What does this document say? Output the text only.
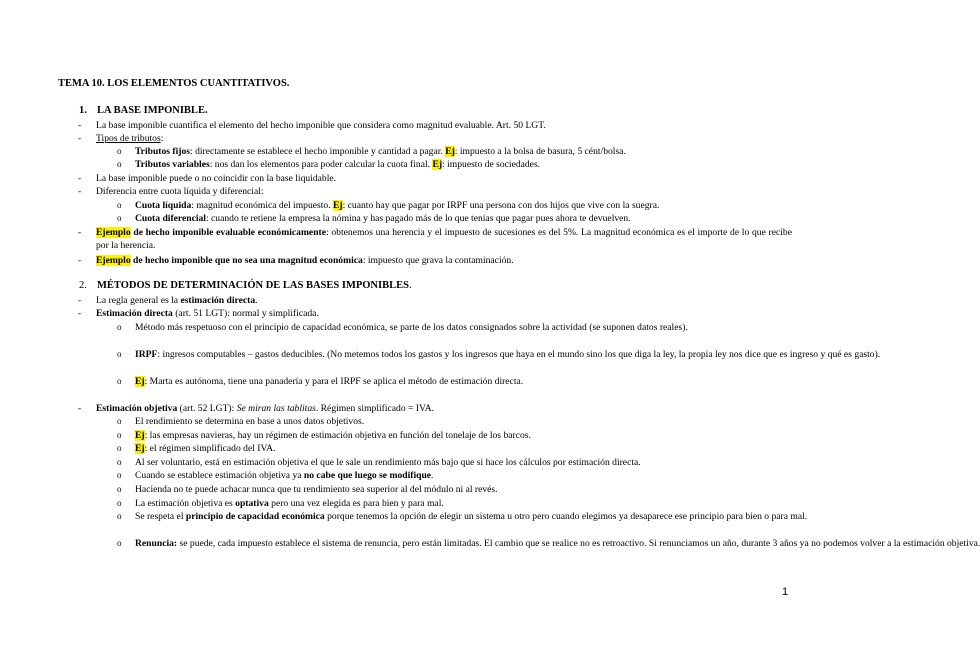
TEMA 10. LOS ELEMENTOS CUANTITATIVOS.
1. LA BASE IMPONIBLE.
- La base imponible cuantifica el elemento del hecho imponible que considera como magnitud evaluable. Art. 50 LGT.
- Tipos de tributos:
o Tributos fijos: directamente se establece el hecho imponible y cantidad a pagar. Ej: impuesto a la bolsa de basura, 5 cént/bolsa.
o Tributos variables: nos dan los elementos para poder calcular la cuota final. Ej: impuesto de sociedades.
- La base imponible puede o no coincidir con la base liquidable.
- Diferencia entre cuota líquida y diferencial:
o Cuota líquida: magnitud económica del impuesto. Ej: cuanto hay que pagar por IRPF una persona con dos hijos que vive con la suegra.
o Cuota diferencial: cuando te retiene la empresa la nómina y has pagado más de lo que tenías que pagar pues ahora te devuelven.
- Ejemplo de hecho imponible evaluable económicamente: obtenemos una herencia y el impuesto de sucesiones es del 5%. La magnitud económica es el importe de lo que recibe por la herencia.
- Ejemplo de hecho imponible que no sea una magnitud económica: impuesto que grava la contaminación.
2. MÉTODOS DE DETERMINACIÓN DE LAS BASES IMPONIBLES.
- La regla general es la estimación directa.
- Estimación directa (art. 51 LGT): normal y simplificada.
o Método más respetuoso con el principio de capacidad económica, se parte de los datos consignados sobre la actividad (se suponen datos reales).
o IRPF: ingresos computables – gastos deducibles. (No metemos todos los gastos y los ingresos que haya en el mundo sino los que diga la ley, la propia ley nos dice que es ingreso y qué es gasto).
o Ej: Marta es autónoma, tiene una panadería y para el IRPF se aplica el método de estimación directa.
- Estimación objetiva (art. 52 LGT): Se miran las tablitas. Régimen simplificado = IVA.
o El rendimiento se determina en base a unos datos objetivos.
o Ej: las empresas navieras, hay un régimen de estimación objetiva en función del tonelaje de los barcos.
o Ej: el régimen simplificado del IVA.
o Al ser voluntario, está en estimación objetiva el que le sale un rendimiento más bajo que si hace los cálculos por estimación directa.
o Cuando se establece estimación objetiva ya no cabe que luego se modifique.
o Hacienda no te puede achacar nunca que tu rendimiento sea superior al del módulo ni al revés.
o La estimación objetiva es optativa pero una vez elegida es para bien y para mal.
o Se respeta el principio de capacidad económica porque tenemos la opción de elegir un sistema u otro pero cuando elegimos ya desaparece ese principio para bien o para mal.
o Renuncia: se puede, cada impuesto establece el sistema de renuncia, pero están limitadas. El cambio que se realice no es retroactivo. Si renunciamos un año, durante 3 años ya no podemos volver a la estimación objetiva.
1
